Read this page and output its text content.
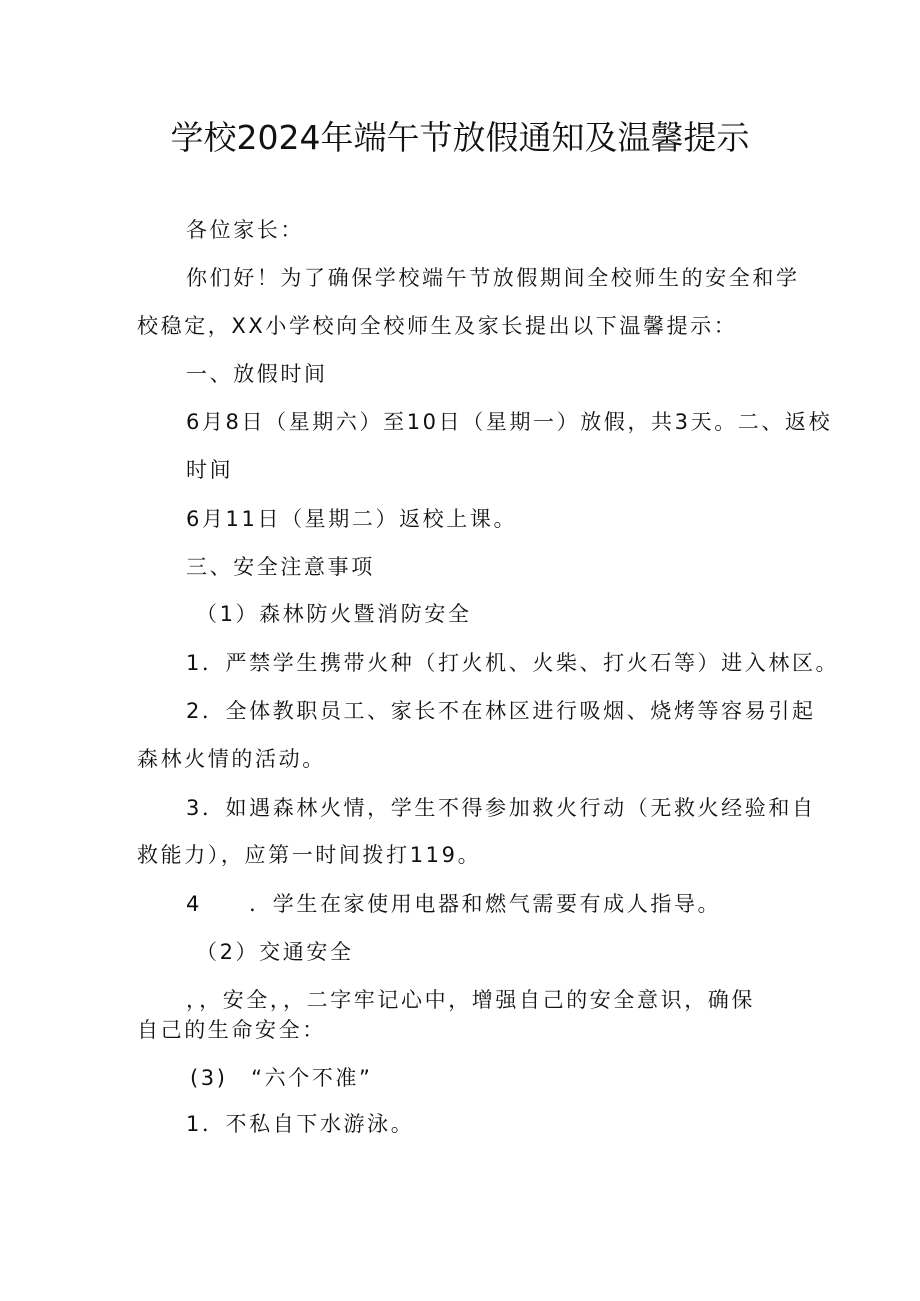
学校2024年端午节放假通知及温馨提示
各位家长：
你们好！为了确保学校端午节放假期间全校师生的安全和学
校稳定，XX小学校向全校师生及家长提出以下温馨提示：
一、放假时间
6月8日（星期六）至10日（星期一）放假，共3天。二、返校
时间
6月11日（星期二）返校上课。
三、安全注意事项
（1）森林防火暨消防安全
1．严禁学生携带火种（打火机、火柴、打火石等）进入林区。
2．全体教职员工、家长不在林区进行吸烟、烧烤等容易引起
森林火情的活动。
3．如遇森林火情，学生不得参加救火行动（无救火经验和自
救能力），应第一时间拨打119。
4　　．学生在家使用电器和燃气需要有成人指导。
（2）交通安全
，，安全，，二字牢记心中，增强自己的安全意识，确保
自己的生命安全：
(3)　“六个不准”
1．不私自下水游泳。
